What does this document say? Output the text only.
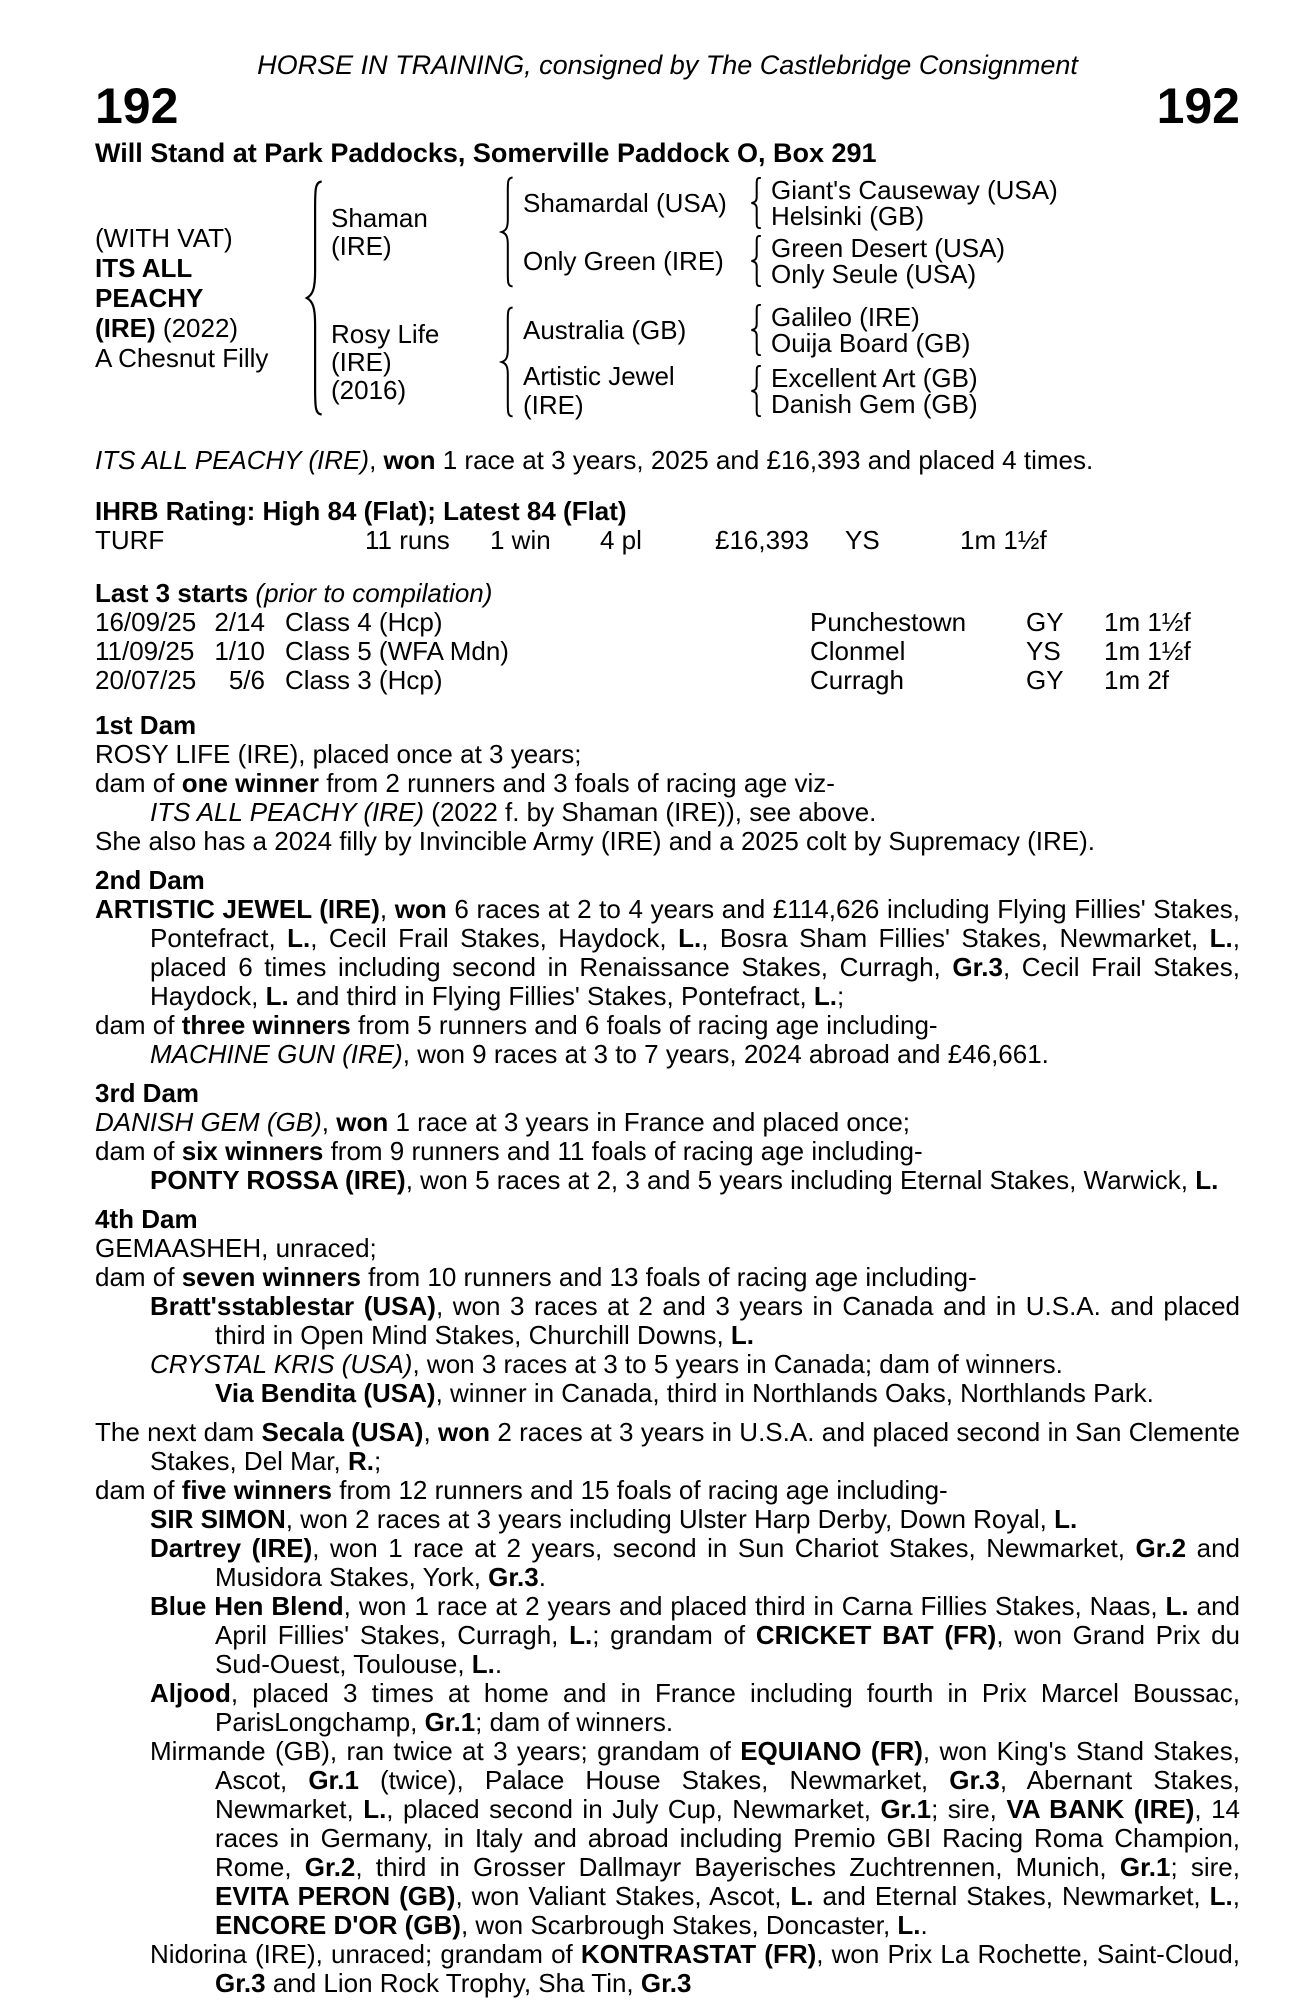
HORSE IN TRAINING, consigned by The Castlebridge Consignment
192	192
Will Stand at Park Paddocks, Somerville Paddock O, Box 291
(WITH VAT)
ITS ALL PEACHY
(IRE) (2022)
A Chesnut Filly
Shaman (IRE)
Shamardal (USA)	Giant's Causeway (USA)
Helsinki (GB)
Only Green (IRE)	Green Desert (USA)
Only Seule (USA)
Rosy Life (IRE)
(2016)
Australia (GB)	Galileo (IRE)
Ouija Board (GB)
Artistic Jewel (IRE)
Excellent Art (GB)
Danish Gem (GB)
ITS ALL PEACHY (IRE), won 1 race at 3 years, 2025 and £16,393 and placed 4 times.
IHRB Rating: High 84 (Flat); Latest 84 (Flat)
TURF	11 runs	1 win	4 pl	£16,393	YS	1m 1½f
Last 3 starts (prior to compilation)
16/09/25 2/14 Class 4 (Hcp)	Punchestown	GY	1m 1½f
11/09/25 1/10 Class 5 (WFA Mdn)	Clonmel	YS	1m 1½f
20/07/25	5/6 Class 3 (Hcp)	Curragh	GY	1m 2f
1st Dam
ROSY LIFE (IRE), placed once at 3 years;
dam of one winner from 2 runners and 3 foals of racing age viz-
ITS ALL PEACHY (IRE) (2022 f. by Shaman (IRE)), see above.
She also has a 2024 filly by Invincible Army (IRE) and a 2025 colt by Supremacy (IRE).
2nd Dam
ARTISTIC JEWEL (IRE), won 6 races at 2 to 4 years and £114,626 including Flying Fillies' Stakes, Pontefract, L., Cecil Frail Stakes, Haydock, L., Bosra Sham Fillies' Stakes, Newmarket, L., placed 6 times including second in Renaissance Stakes, Curragh, Gr.3, Cecil Frail Stakes, Haydock, L. and third in Flying Fillies' Stakes, Pontefract, L.;
dam of three winners from 5 runners and 6 foals of racing age including-
MACHINE GUN (IRE), won 9 races at 3 to 7 years, 2024 abroad and £46,661.
3rd Dam
DANISH GEM (GB), won 1 race at 3 years in France and placed once;
dam of six winners from 9 runners and 11 foals of racing age including-
PONTY ROSSA (IRE), won 5 races at 2, 3 and 5 years including Eternal Stakes, Warwick, L.
4th Dam
GEMAASHEH, unraced;
dam of seven winners from 10 runners and 13 foals of racing age including-
Bratt'sstablestar (USA), won 3 races at 2 and 3 years in Canada and in U.S.A. and placed third in Open Mind Stakes, Churchill Downs, L.
CRYSTAL KRIS (USA), won 3 races at 3 to 5 years in Canada; dam of winners.
Via Bendita (USA), winner in Canada, third in Northlands Oaks, Northlands Park.
The next dam Secala (USA), won 2 races at 3 years in U.S.A. and placed second in San Clemente Stakes, Del Mar, R.;
dam of five winners from 12 runners and 15 foals of racing age including-
SIR SIMON, won 2 races at 3 years including Ulster Harp Derby, Down Royal, L.
Dartrey (IRE), won 1 race at 2 years, second in Sun Chariot Stakes, Newmarket, Gr.2 and Musidora Stakes, York, Gr.3.
Blue Hen Blend, won 1 race at 2 years and placed third in Carna Fillies Stakes, Naas, L. and April Fillies' Stakes, Curragh, L.; grandam of CRICKET BAT (FR), won Grand Prix du Sud-Ouest, Toulouse, L..
Aljood, placed 3 times at home and in France including fourth in Prix Marcel Boussac, ParisLongchamp, Gr.1; dam of winners.
Mirmande (GB), ran twice at 3 years; grandam of EQUIANO (FR), won King's Stand Stakes, Ascot, Gr.1 (twice), Palace House Stakes, Newmarket, Gr.3, Abernant Stakes, Newmarket, L., placed second in July Cup, Newmarket, Gr.1; sire, VA BANK (IRE), 14 races in Germany, in Italy and abroad including Premio GBI Racing Roma Champion, Rome, Gr.2, third in Grosser Dallmayr Bayerisches Zuchtrennen, Munich, Gr.1; sire, EVITA PERON (GB), won Valiant Stakes, Ascot, L. and Eternal Stakes, Newmarket, L., ENCORE D'OR (GB), won Scarbrough Stakes, Doncaster, L..
Nidorina (IRE), unraced; grandam of KONTRASTAT (FR), won Prix La Rochette, Saint-Cloud, Gr.3 and Lion Rock Trophy, Sha Tin, Gr.3
